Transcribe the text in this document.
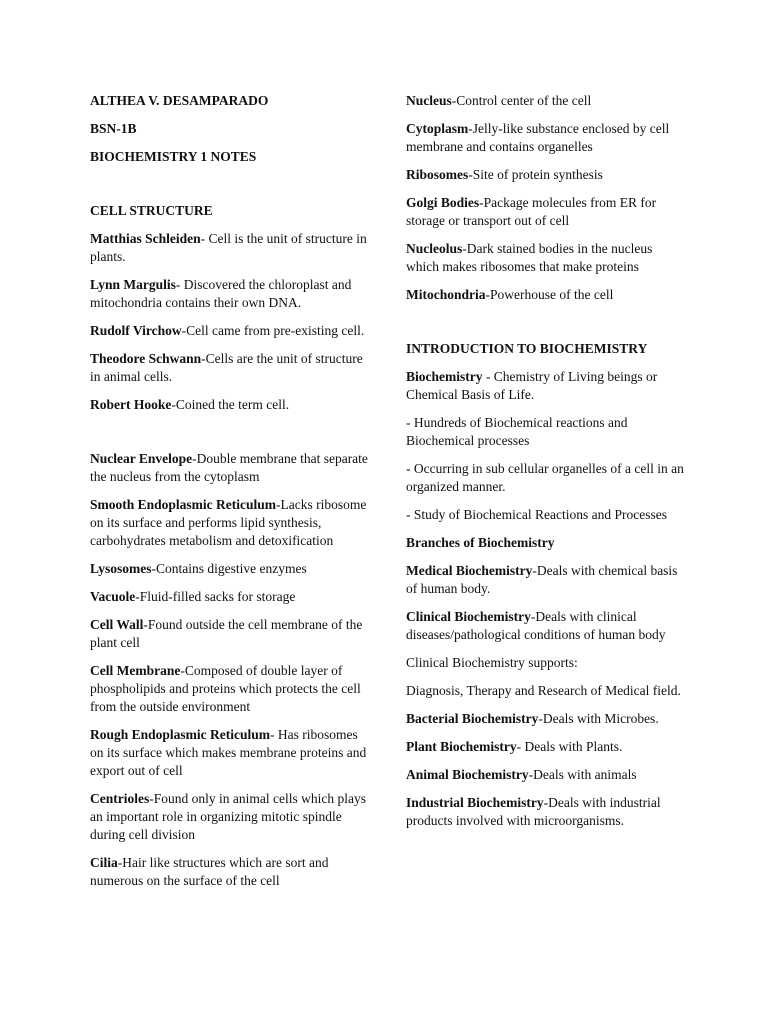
ALTHEA V. DESAMPARADO

BSN-1B

BIOCHEMISTRY 1 NOTES

CELL STRUCTURE

Matthias Schleiden- Cell is the unit of structure in plants.

Lynn Margulis- Discovered the chloroplast and mitochondria contains their own DNA.

Rudolf Virchow-Cell came from pre-existing cell.

Theodore Schwann-Cells are the unit of structure in animal cells.

Robert Hooke-Coined the term cell.

Nuclear Envelope-Double membrane that separate the nucleus from the cytoplasm

Smooth Endoplasmic Reticulum-Lacks ribosome on its surface and performs lipid synthesis, carbohydrates metabolism and detoxification

Lysosomes-Contains digestive enzymes

Vacuole-Fluid-filled sacks for storage

Cell Wall-Found outside the cell membrane of the plant cell

Cell Membrane-Composed of double layer of phospholipids and proteins which protects the cell from the outside environment

Rough Endoplasmic Reticulum- Has ribosomes on its surface which makes membrane proteins and export out of cell

Centrioles-Found only in animal cells which plays an important role in organizing mitotic spindle during cell division

Cilia-Hair like structures which are sort and numerous on the surface of the cell

Nucleus-Control center of the cell

Cytoplasm-Jelly-like substance enclosed by cell membrane and contains organelles

Ribosomes-Site of protein synthesis

Golgi Bodies-Package molecules from ER for storage or transport out of cell

Nucleolus-Dark stained bodies in the nucleus which makes ribosomes that make proteins

Mitochondria-Powerhouse of the cell

INTRODUCTION TO BIOCHEMISTRY

Biochemistry - Chemistry of Living beings or Chemical Basis of Life.

- Hundreds of Biochemical reactions and Biochemical processes

- Occurring in sub cellular organelles of a cell in an organized manner.

- Study of Biochemical Reactions and Processes

Branches of Biochemistry

Medical Biochemistry-Deals with chemical basis of human body.

Clinical Biochemistry-Deals with clinical diseases/pathological conditions of human body

Clinical Biochemistry supports:

Diagnosis, Therapy and Research of Medical field.

Bacterial Biochemistry-Deals with Microbes.

Plant Biochemistry- Deals with Plants.

Animal Biochemistry-Deals with animals

Industrial Biochemistry-Deals with industrial products involved with microorganisms.
